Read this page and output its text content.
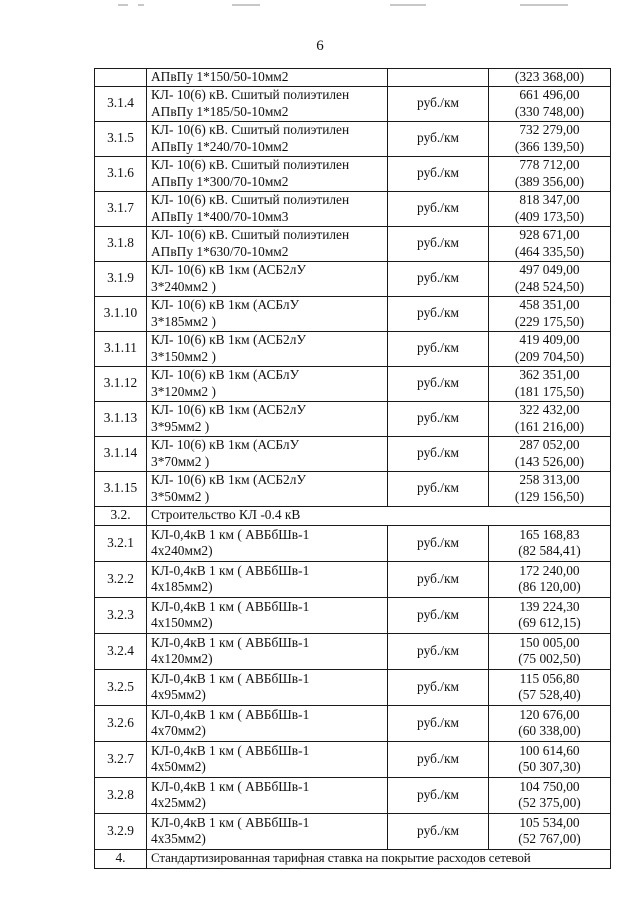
6
	АПвПу 1*150/50-10мм2		(323 368,00)
3.1.4	КЛ- 10(6) кВ. Сшитый полиэтилен
АПвПу 1*185/50-10мм2	руб./км	661 496,00
(330 748,00)

3.1.5	КЛ- 10(6) кВ. Сшитый полиэтилен
АПвПу 1*240/70-10мм2	руб./км	732 279,00
(366 139,50)

3.1.6	КЛ- 10(6) кВ. Сшитый полиэтилен
АПвПу 1*300/70-10мм2	руб./км	778 712,00
(389 356,00)

3.1.7	КЛ- 10(6) кВ. Сшитый полиэтилен
АПвПу 1*400/70-10мм3	руб./км	818 347,00
(409 173,50)

3.1.8	КЛ- 10(6) кВ. Сшитый полиэтилен
АПвПу 1*630/70-10мм2	руб./км	928 671,00
(464 335,50)

3.1.9	КЛ- 10(6) кВ 1км (АСБ2лУ
3*240мм2 )	руб./км	497 049,00
(248 524,50)

3.1.10	КЛ- 10(6) кВ 1км (АСБлУ
3*185мм2 )	руб./км	458 351,00
(229 175,50)

3.1.11	КЛ- 10(6) кВ 1км (АСБ2лУ
3*150мм2 )	руб./км	419 409,00
(209 704,50)

3.1.12	КЛ- 10(6) кВ 1км (АСБлУ
3*120мм2 )	руб./км	362 351,00
(181 175,50)

3.1.13	КЛ- 10(6) кВ 1км (АСБ2лУ
3*95мм2 )	руб./км	322 432,00
(161 216,00)

3.1.14	КЛ- 10(6) кВ 1км (АСБлУ
3*70мм2 )	руб./км	287 052,00
(143 526,00)

3.1.15	КЛ- 10(6) кВ 1км (АСБ2лУ
3*50мм2 )	руб./км	258 313,00
(129 156,50)

3.2.	Строительство КЛ -0.4 кВ		
3.2.1	КЛ-0,4кВ 1 км ( АВБбШв-1
4х240мм2)	руб./км	165 168,83
(82 584,41)

3.2.2	КЛ-0,4кВ 1 км ( АВБбШв-1
4х185мм2)	руб./км	172 240,00
(86 120,00)

3.2.3	КЛ-0,4кВ 1 км ( АВБбШв-1
4х150мм2)	руб./км	139 224,30
(69 612,15)

3.2.4	КЛ-0,4кВ 1 км ( АВБбШв-1
4х120мм2)	руб./км	150 005,00
(75 002,50)

3.2.5	КЛ-0,4кВ 1 км ( АВБбШв-1
4х95мм2)	руб./км	115 056,80
(57 528,40)

3.2.6	КЛ-0,4кВ 1 км ( АВБбШв-1
4х70мм2)	руб./км	120 676,00
(60 338,00)

3.2.7	КЛ-0,4кВ 1 км ( АВБбШв-1
4х50мм2)	руб./км	100 614,60
(50 307,30)

3.2.8	КЛ-0,4кВ 1 км ( АВБбШв-1
4х25мм2)	руб./км	104 750,00
(52 375,00)

3.2.9	КЛ-0,4кВ 1 км ( АВБбШв-1
4х35мм2)	руб./км	105 534,00
(52 767,00)

4.	Стандартизированная тарифная ставка на покрытие расходов сетевой		
